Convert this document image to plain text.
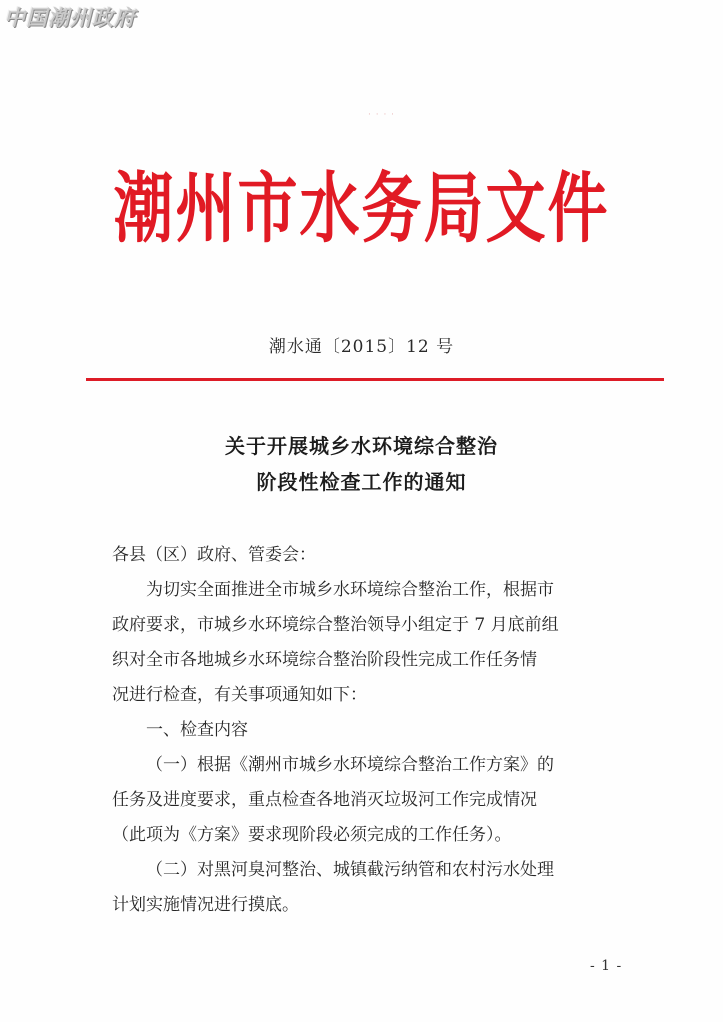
中国潮州政府
· · · ·
潮州市水务局文件
潮水通〔2015〕12 号
关于开展城乡水环境综合整治
阶段性检查工作的通知
各县（区）政府、管委会：
为切实全面推进全市城乡水环境综合整治工作，根据市
政府要求，市城乡水环境综合整治领导小组定于 7 月底前组
织对全市各地城乡水环境综合整治阶段性完成工作任务情
况进行检查，有关事项通知如下：
一、检查内容
（一）根据《潮州市城乡水环境综合整治工作方案》的
任务及进度要求，重点检查各地消灭垃圾河工作完成情况
（此项为《方案》要求现阶段必须完成的工作任务）。
（二）对黑河臭河整治、城镇截污纳管和农村污水处理
计划实施情况进行摸底。
- 1 -
